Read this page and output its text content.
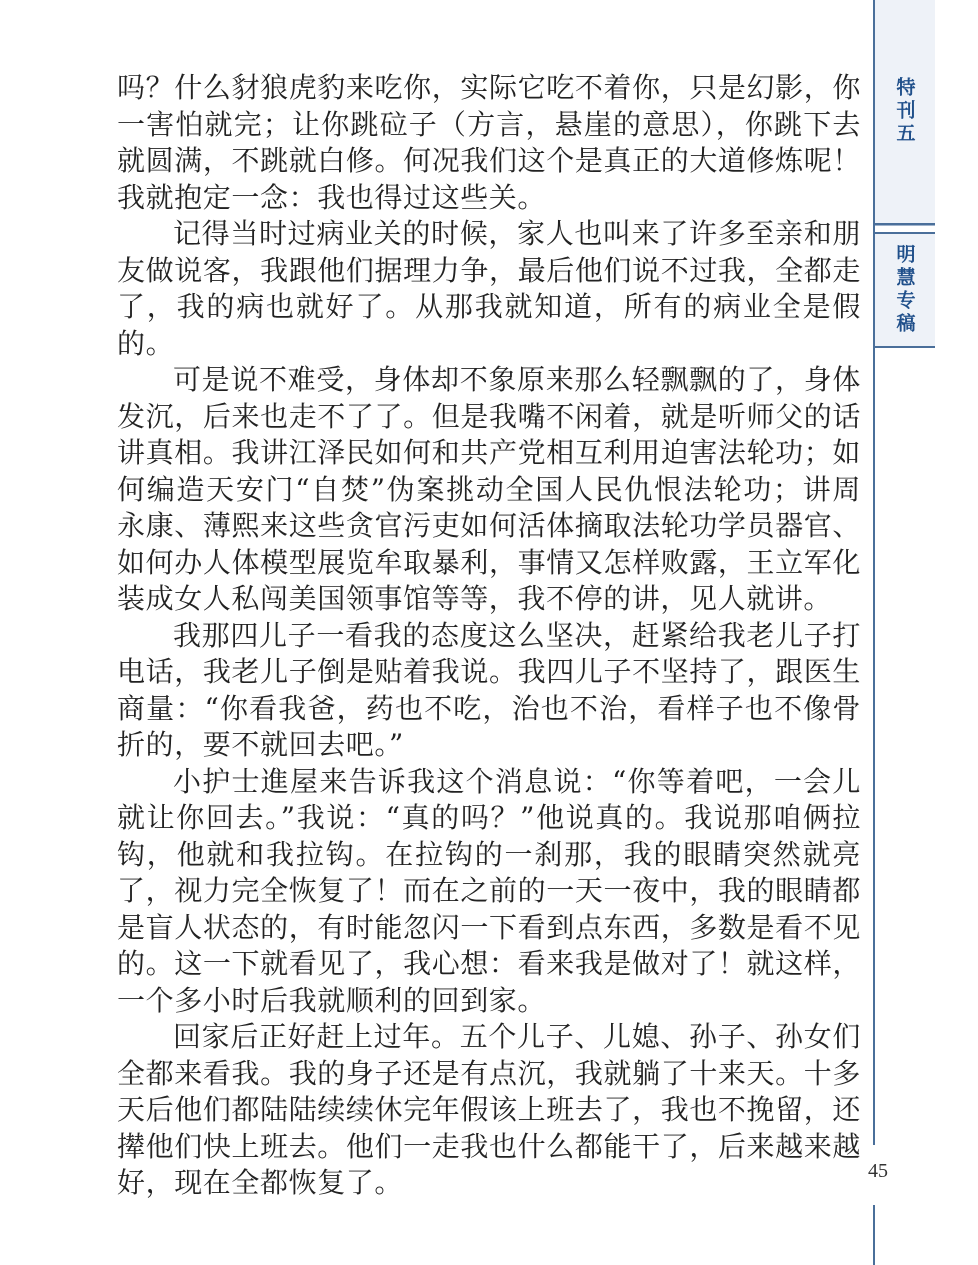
特刊五
明慧专稿

吗？什么豺狼虎豹来吃你，实际它吃不着你，只是幻影，你一害怕就完；让你跳砬子（方言，悬崖的意思），你跳下去就圆满，不跳就白修。何况我们这个是真正的大道修炼呢！我就抱定一念：我也得过这些关。

记得当时过病业关的时候，家人也叫来了许多至亲和朋友做说客，我跟他们据理力争，最后他们说不过我，全都走了，我的病也就好了。从那我就知道，所有的病业全是假的。

可是说不难受，身体却不象原来那么轻飘飘的了，身体发沉，后来也走不了了。但是我嘴不闲着，就是听师父的话讲真相。我讲江泽民如何和共产党相互利用迫害法轮功；如何编造天安门“自焚”伪案挑动全国人民仇恨法轮功；讲周永康、薄熙来这些贪官污吏如何活体摘取法轮功学员器官、如何办人体模型展览牟取暴利，事情又怎样败露，王立军化装成女人私闯美国领事馆等等，我不停的讲，见人就讲。

我那四儿子一看我的态度这么坚决，赶紧给我老儿子打电话，我老儿子倒是贴着我说。我四儿子不坚持了，跟医生商量：“你看我爸，药也不吃，治也不治，看样子也不像骨折的，要不就回去吧。”

小护士進屋来告诉我这个消息说：“你等着吧，一会儿就让你回去。”我说：“真的吗？”他说真的。我说那咱俩拉钩，他就和我拉钩。在拉钩的一刹那，我的眼睛突然就亮了，视力完全恢复了！而在之前的一天一夜中，我的眼睛都是盲人状态的，有时能忽闪一下看到点东西，多数是看不见的。这一下就看见了，我心想：看来我是做对了！就这样，一个多小时后我就顺利的回到家。

回家后正好赶上过年。五个儿子、儿媳、孙子、孙女们全都来看我。我的身子还是有点沉，我就躺了十来天。十多天后他们都陆陆续续休完年假该上班去了，我也不挽留，还撵他们快上班去。他们一走我也什么都能干了，后来越来越好，现在全都恢复了。	45
